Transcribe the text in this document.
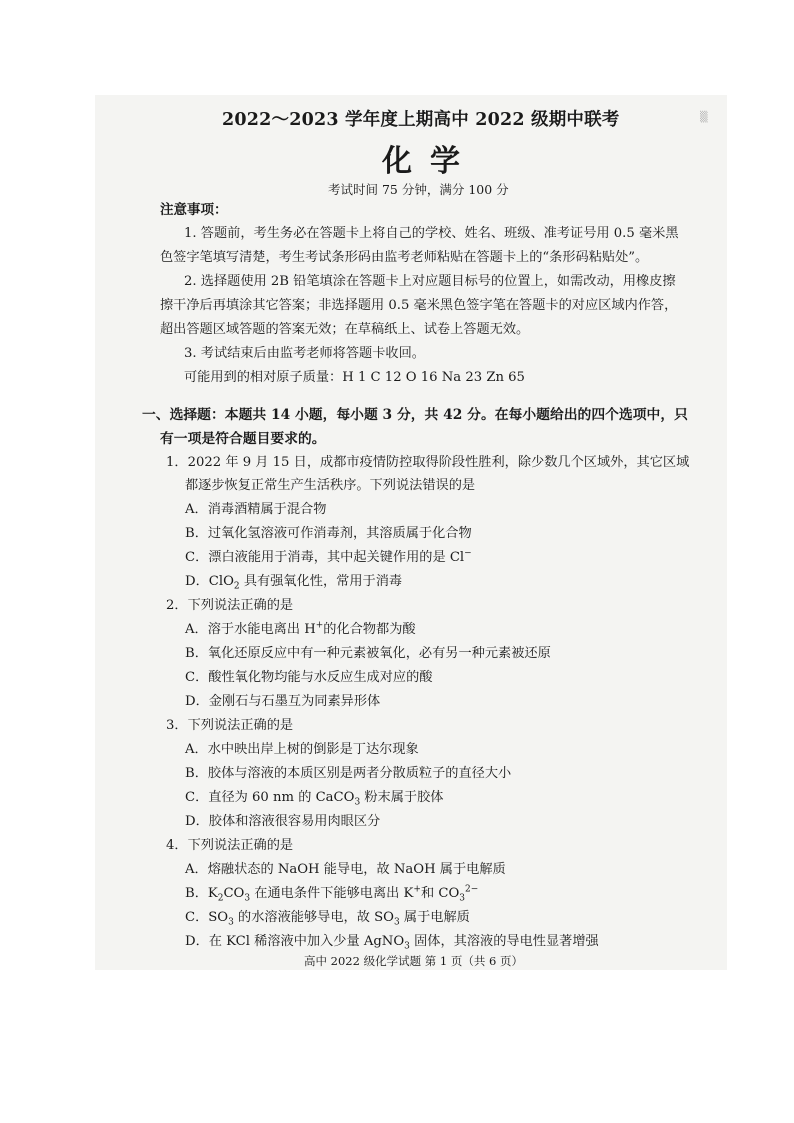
▒
2022～2023 学年度上期高中 2022 级期中联考
化学
考试时间 75 分钟，满分 100 分
注意事项：
1. 答题前，考生务必在答题卡上将自己的学校、姓名、班级、准考证号用 0.5 毫米黑
色签字笔填写清楚，考生考试条形码由监考老师粘贴在答题卡上的“条形码粘贴处”。
2. 选择题使用 2B 铅笔填涂在答题卡上对应题目标号的位置上，如需改动，用橡皮擦
擦干净后再填涂其它答案；非选择题用 0.5 毫米黑色签字笔在答题卡的对应区域内作答，
超出答题区域答题的答案无效；在草稿纸上、试卷上答题无效。
3. 考试结束后由监考老师将答题卡收回。
可能用到的相对原子质量：H 1 C 12 O 16 Na 23 Zn 65
一、选择题：本题共 14 小题，每小题 3 分，共 42 分。在每小题给出的四个选项中，只
有一项是符合题目要求的。
1．2022 年 9 月 15 日，成都市疫情防控取得阶段性胜利，除少数几个区域外，其它区域
都逐步恢复正常生产生活秩序。下列说法错误的是
A．消毒酒精属于混合物
B．过氧化氢溶液可作消毒剂，其溶质属于化合物
C．漂白液能用于消毒，其中起关键作用的是 Cl−
D．ClO$_2$ 具有强氧化性，常用于消毒
2．下列说法正确的是
A．溶于水能电离出 H+的化合物都为酸
B．氧化还原反应中有一种元素被氧化，必有另一种元素被还原
C．酸性氧化物均能与水反应生成对应的酸
D．金刚石与石墨互为同素异形体
3．下列说法正确的是
A．水中映出岸上树的倒影是丁达尔现象
B．胶体与溶液的本质区别是两者分散质粒子的直径大小
C．直径为 60 nm 的 CaCO$_3$ 粉末属于胶体
D．胶体和溶液很容易用肉眼区分
4．下列说法正确的是
A．熔融状态的 NaOH 能导电，故 NaOH 属于电解质
B．$K_2CO_3$ 在通电条件下能够电离出 K+和 $CO_3^{2-}$
C．$SO_3$ 的水溶液能够导电，故 $SO_3$ 属于电解质
D．在 KCl 稀溶液中加入少量 AgNO$_3$ 固体，其溶液的导电性显著增强
高中 2022 级化学试题 第 1 页（共 6 页）
